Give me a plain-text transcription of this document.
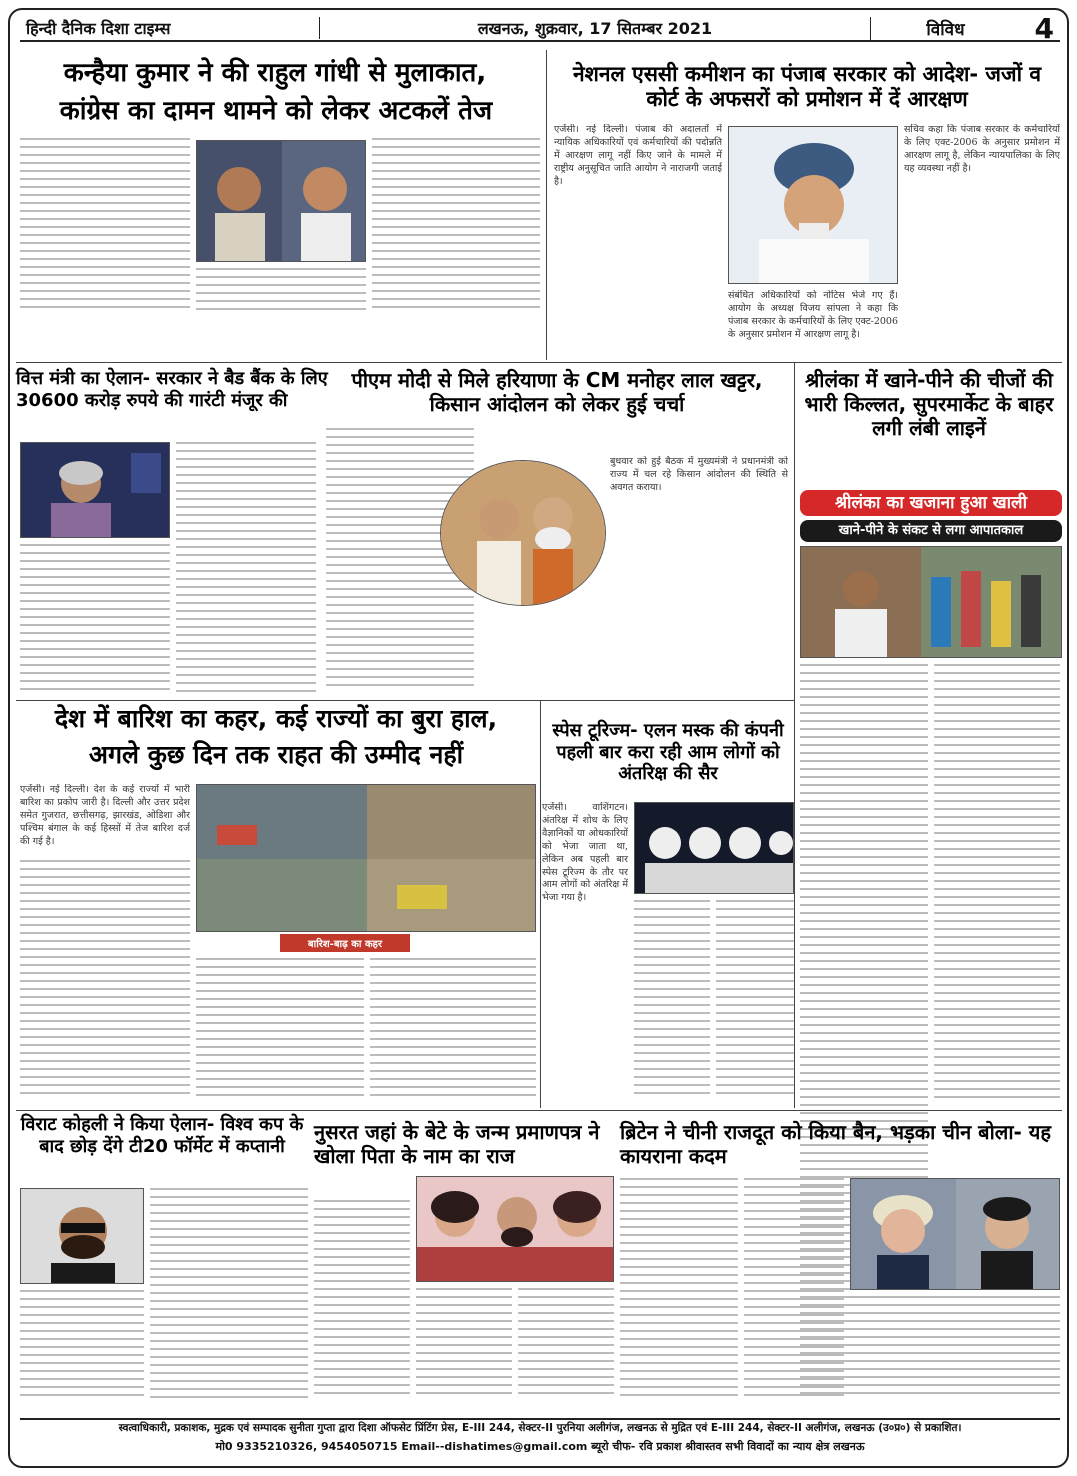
हिन्दी दैनिक दिशा टाइम्स	लखनऊ, शुक्रवार, 17 सितम्बर 2021	विविध	4
कन्हैया कुमार ने की राहुल गांधी से मुलाकात,
कांग्रेस का दामन थामने को लेकर अटकलें तेज
नेशनल एससी कमीशन का पंजाब सरकार को आदेश- जजों व कोर्ट के अफसरों को प्रमोशन में दें आरक्षण
एजेंसी। नई दिल्ली। पंजाब की अदालतों में न्यायिक अधिकारियों एवं कर्मचारियों की पदोन्नति में आरक्षण लागू नहीं किए जाने के मामले में राष्ट्रीय अनुसूचित जाति आयोग ने नाराजगी जताई है।
संबंधित अधिकारियों को नोटिस भेजे गए हैं। आयोग के अध्यक्ष विजय सांपला ने कहा कि पंजाब सरकार के कर्मचारियों के लिए एक्ट-2006 के अनुसार प्रमोशन में आरक्षण लागू है।
सचिव कहा कि पंजाब सरकार के कर्मचारियों के लिए एक्ट-2006 के अनुसार प्रमोशन में आरक्षण लागू है, लेकिन न्यायपालिका के लिए यह व्यवस्था नहीं है।
वित्त मंत्री का ऐलान- सरकार ने बैड बैंक के लिए 30600 करोड़ रुपये की गारंटी मंजूर की
पीएम मोदी से मिले हरियाणा के CM मनोहर लाल खट्टर, किसान आंदोलन को लेकर हुई चर्चा
बुधवार को हुई बैठक में मुख्यमंत्री ने प्रधानमंत्री को राज्य में चल रहे किसान आंदोलन की स्थिति से अवगत कराया।
श्रीलंका में खाने-पीने की चीजों की भारी किल्लत, सुपरमार्केट के बाहर लगी लंबी लाइनें
श्रीलंका का खजाना हुआ खाली
खाने-पीने के संकट से लगा आपातकाल
देश में बारिश का कहर, कई राज्यों का बुरा हाल,
अगले कुछ दिन तक राहत की उम्मीद नहीं
एजेंसी। नई दिल्ली। देश के कई राज्यों में भारी बारिश का प्रकोप जारी है। दिल्ली और उत्तर प्रदेश समेत गुजरात, छत्तीसगढ़, झारखंड, ओडिशा और पश्चिम बंगाल के कई हिस्सों में तेज बारिश दर्ज की गई है।
बारिश-बाढ़ का कहर
स्पेस टूरिज्म- एलन मस्क की कंपनी पहली बार करा रही आम लोगों को अंतरिक्ष की सैर
एजेंसी। वाशिंगटन। अंतरिक्ष में शोध के लिए वैज्ञानिकों या ओधकारियों को भेजा जाता था, लेकिन अब पहली बार स्पेस टूरिज्म के तौर पर आम लोगों को अंतरिक्ष में भेजा गया है।
विराट कोहली ने किया ऐलान- विश्व कप के बाद छोड़ देंगे टी20 फॉर्मेट में कप्तानी
नुसरत जहां के बेटे के जन्म प्रमाणपत्र ने खोला पिता के नाम का राज
ब्रिटेन ने चीनी राजदूत को किया बैन, भड़का चीन बोला- यह कायराना कदम
स्वत्वाधिकारी, प्रकाशक, मुद्रक एवं सम्पादक सुनीता गुप्ता द्वारा दिशा ऑफसेट प्रिंटिंग प्रेस, E-III 244, सेक्टर-II पुरनिया अलीगंज, लखनऊ से मुद्रित एवं E-III 244, सेक्टर-II अलीगंज, लखनऊ (उ०प्र०) से प्रकाशित।
मो0 9335210326, 9454050715 Email--dishatimes@gmail.com ब्यूरो चीफ- रवि प्रकाश श्रीवास्तव सभी विवादों का न्याय क्षेत्र लखनऊ
